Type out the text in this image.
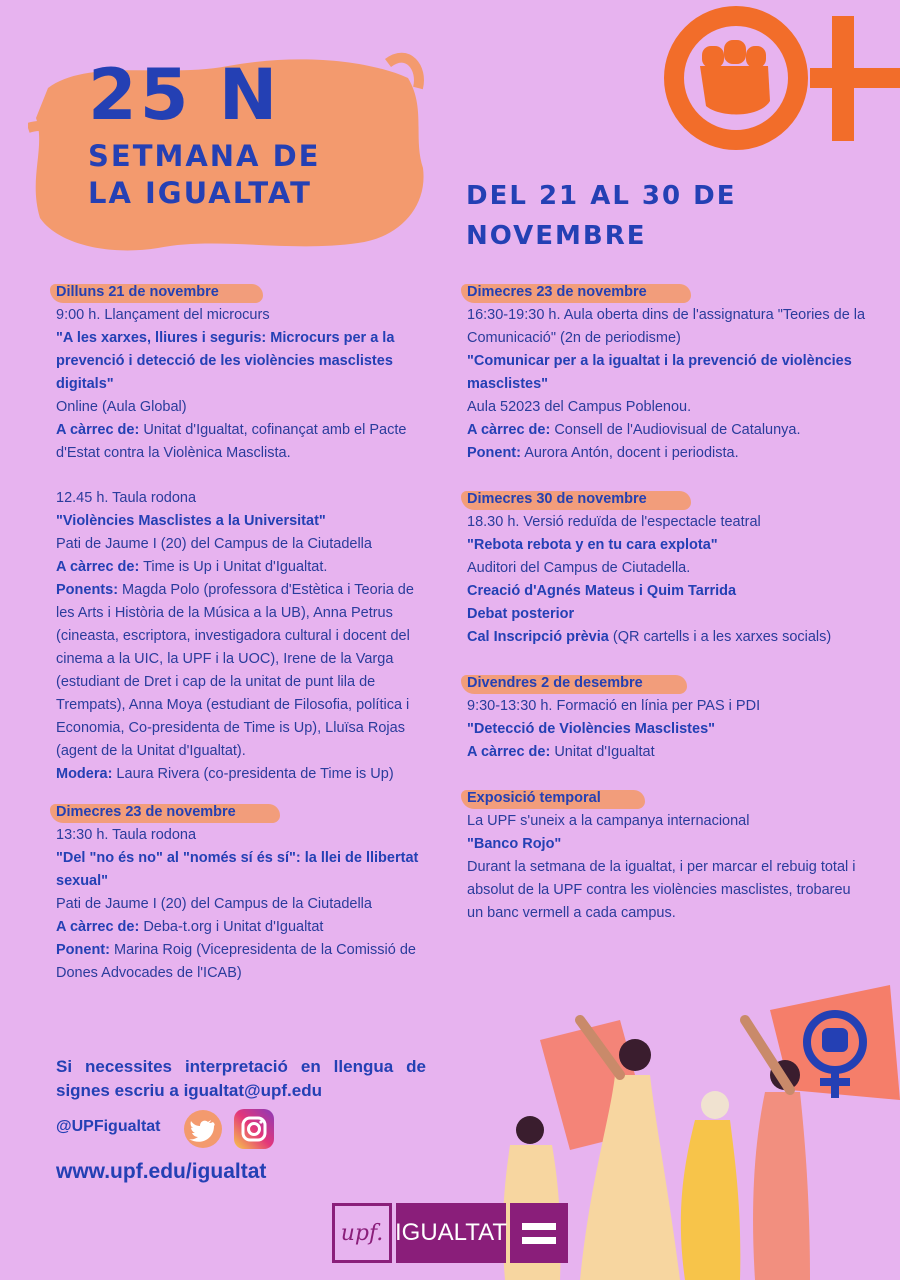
25 N
SETMANA DE
LA IGUALTAT	DEL 21 AL 30 DE
NOVEMBRE

Dilluns 21 de novembre

9:00 h. Llançament del microcurs

"A les xarxes, lliures i seguris: Microcurs per a la prevenció i detecció de les violències masclistes digitals"

Online (Aula Global)

A càrrec de: Unitat d'Igualtat, cofinançat amb el Pacte d'Estat contra la Violènica Masclista.

12.45 h. Taula rodona

"Violències Masclistes a la Universitat"

Pati de Jaume I (20) del Campus de la Ciutadella

A càrrec de: Time is Up i Unitat d'Igualtat.

Ponents: Magda Polo (professora d'Estètica i Teoria de les Arts i Història de la Música a la UB), Anna Petrus (cineasta, escriptora, investigadora cultural i docent del cinema a la UIC, la UPF i la UOC), Irene de la Varga (estudiant de Dret i cap de la unitat de punt lila de Trempats), Anna Moya (estudiant de Filosofia, política i Economia, Co-presidenta de Time is Up), Lluïsa Rojas (agent de la Unitat d'Igualtat).

Modera: Laura Rivera (co-presidenta de Time is Up)

Dimecres 23 de novembre

13:30 h. Taula rodona

"Del "no és no" al "només sí és sí": la llei de llibertat sexual"

Pati de Jaume I (20) del Campus de la Ciutadella

A càrrec de: Deba-t.org i Unitat d'Igualtat

Ponent: Marina Roig (Vicepresidenta de la Comissió de Dones Advocades de l'ICAB)

Dimecres 23 de novembre

16:30-19:30 h. Aula oberta dins de l'assignatura "Teories de la Comunicació" (2n de periodisme)

"Comunicar per a la igualtat i la prevenció de violències masclistes"

Aula 52023 del Campus Poblenou.

A càrrec de: Consell de l'Audiovisual de Catalunya.

Ponent: Aurora Antón, docent i periodista.

Dimecres 30 de novembre

18.30 h. Versió reduïda de l'espectacle teatral

"Rebota rebota y en tu cara explota"

Auditori del Campus de Ciutadella.

Creació d'Agnés Mateus i Quim Tarrida

Debat posterior

Cal Inscripció prèvia (QR cartells i a les xarxes socials)

Divendres 2 de desembre

9:30-13:30 h. Formació en línia per PAS i PDI

"Detecció de Violències Masclistes"

A càrrec de: Unitat d'Igualtat

Exposició temporal

La UPF s'uneix a la campanya internacional

"Banco Rojo"

Durant la setmana de la igualtat, i per marcar el rebuig total i absolut de la UPF contra les violències masclistes, trobareu un banc vermell a cada campus.

Si necessites interpretació en llengua de signes escriu a igualtat@upf.edu
@UPFigualtat
www.upf.edu/igualtat
upf. IGUALTAT
